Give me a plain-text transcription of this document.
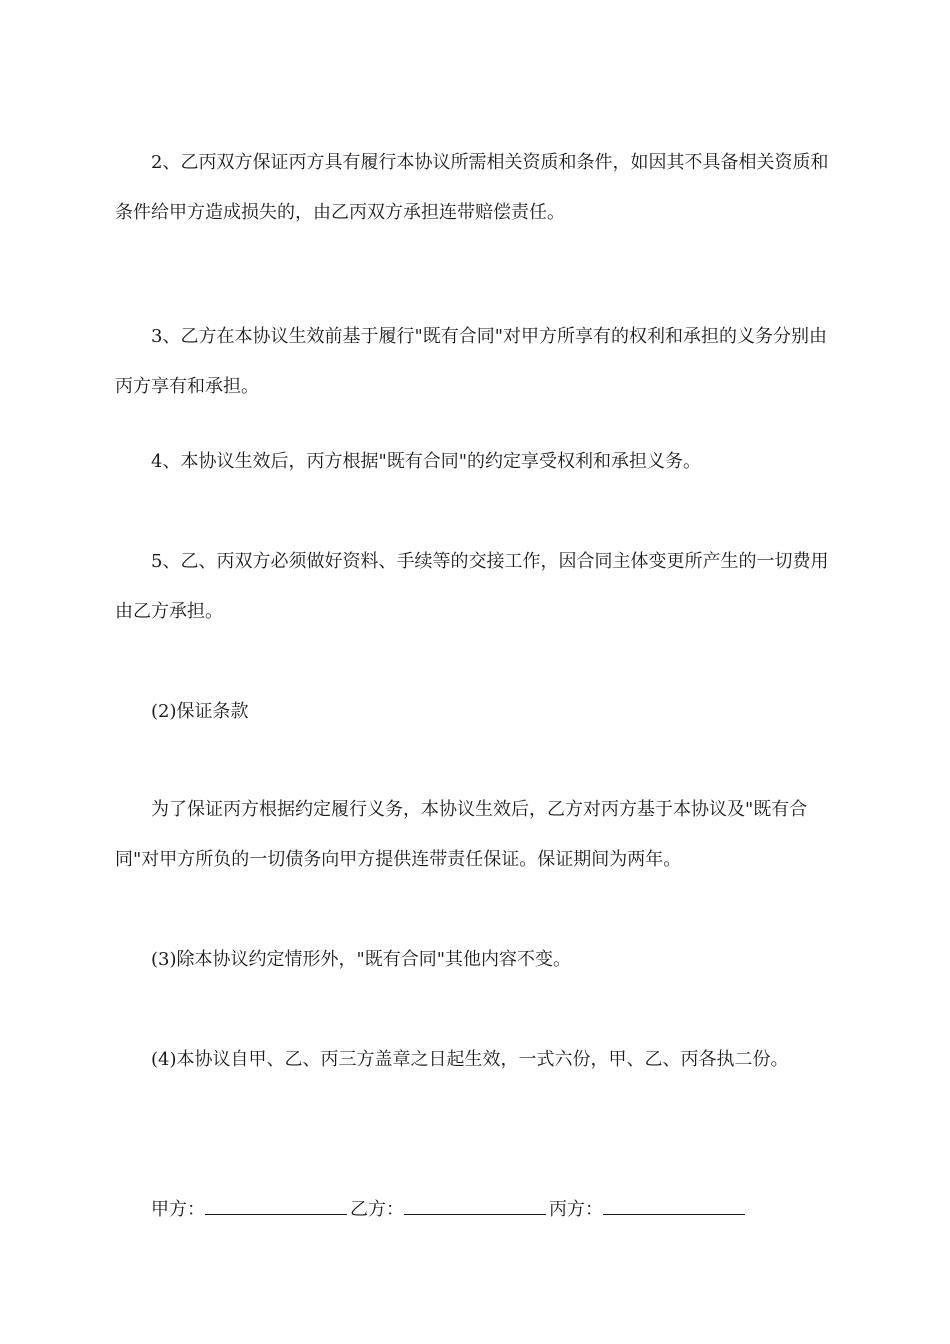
2、乙丙双方保证丙方具有履行本协议所需相关资质和条件，如因其不具备相关资质和条件给甲方造成损失的，由乙丙双方承担连带赔偿责任。

3、乙方在本协议生效前基于履行"既有合同"对甲方所享有的权利和承担的义务分别由丙方享有和承担。

4、本协议生效后，丙方根据"既有合同"的约定享受权利和承担义务。

5、乙、丙双方必须做好资料、手续等的交接工作，因合同主体变更所产生的一切费用由乙方承担。

(2)保证条款

为了保证丙方根据约定履行义务，本协议生效后，乙方对丙方基于本协议及"既有合同"对甲方所负的一切债务向甲方提供连带责任保证。保证期间为两年。

(3)除本协议约定情形外，"既有合同"其他内容不变。

(4)本协议自甲、乙、丙三方盖章之日起生效，一式六份，甲、乙、丙各执二份。

甲方：	乙方：	丙方：
